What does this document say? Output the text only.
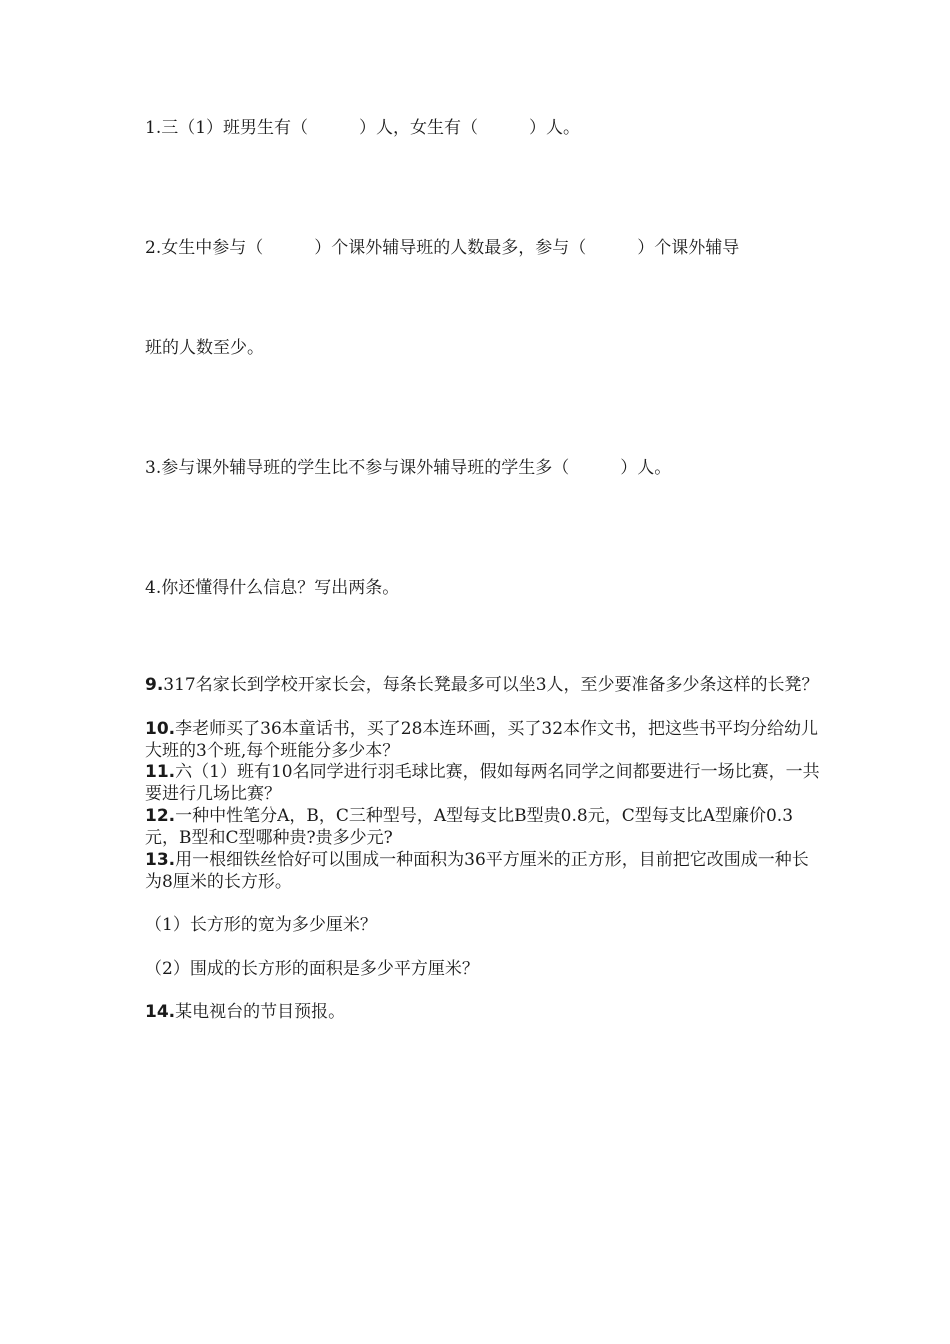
1.三（1）班男生有（　　　）人，女生有（　　　）人。

2.女生中参与（　　　）个课外辅导班的人数最多，参与（　　　）个课外辅导

班的人数至少。

3.参与课外辅导班的学生比不参与课外辅导班的学生多（　　　）人。

4.你还懂得什么信息？写出两条。

9.317名家长到学校开家长会，每条长凳最多可以坐3人，至少要准备多少条这样的长凳？
10.李老师买了36本童话书，买了28本连环画，买了32本作文书，把这些书平均分给幼儿大班的3个班,每个班能分多少本？
11.六（1）班有10名同学进行羽毛球比赛，假如每两名同学之间都要进行一场比赛，一共要进行几场比赛？
12.一种中性笔分A，B，C三种型号，A型每支比B型贵0.8元，C型每支比A型廉价0.3元，B型和C型哪种贵?贵多少元?
13.用一根细铁丝恰好可以围成一种面积为36平方厘米的正方形，目前把它改围成一种长为8厘米的长方形。

（1）长方形的宽为多少厘米？

（2）围成的长方形的面积是多少平方厘米？

14.某电视台的节目预报。
